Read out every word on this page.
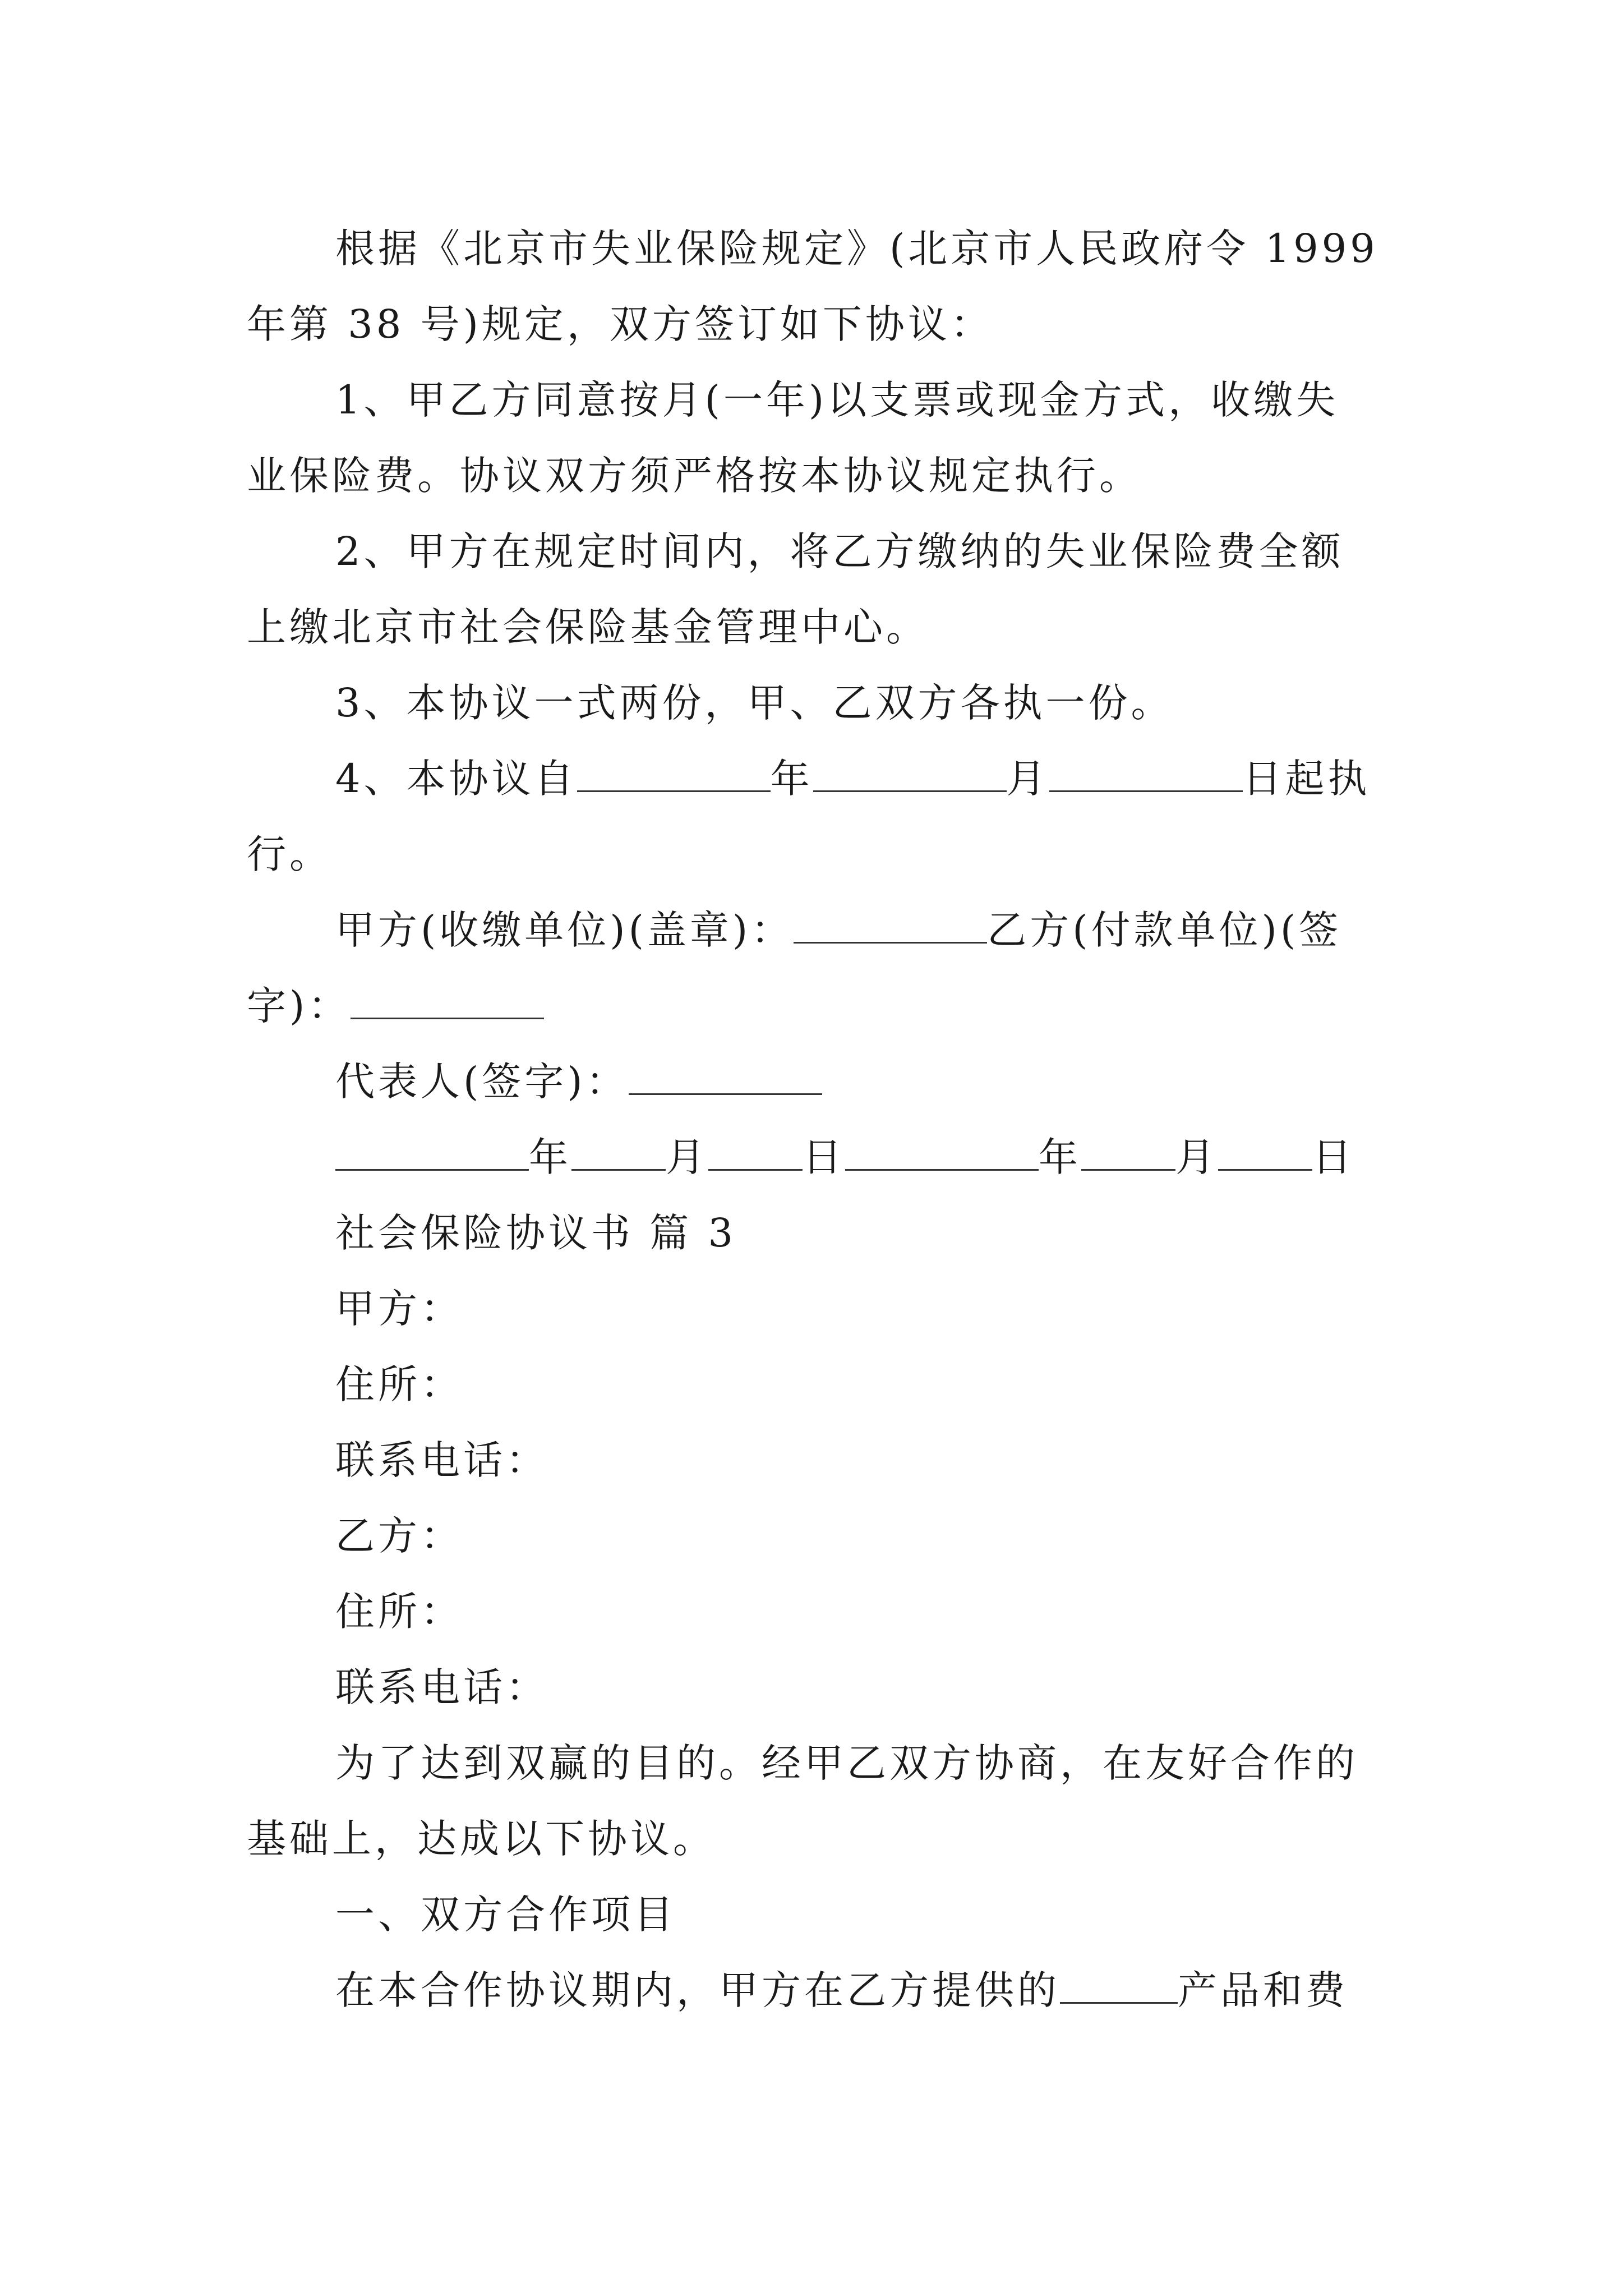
根据《北京市失业保险规定》(北京市人民政府令 1999
年第 38 号)规定，双方签订如下协议：
1、甲乙方同意按月(一年)以支票或现金方式，收缴失
业保险费。协议双方须严格按本协议规定执行。
2、甲方在规定时间内，将乙方缴纳的失业保险费全额
上缴北京市社会保险基金管理中心。
3、本协议一式两份，甲、乙双方各执一份。
4、本协议自	年	月	日起执
行。
甲方(收缴单位)(盖章)：	乙方(付款单位)(签
字)：
代表人(签字)：
年 月 日	年 月 日
社会保险协议书 篇 3
甲方：
住所：
联系电话：
乙方：
住所：
联系电话：
为了达到双赢的目的。经甲乙双方协商，在友好合作的
基础上，达成以下协议。
一、双方合作项目
在本合作协议期内，甲方在乙方提供的	产品和费
